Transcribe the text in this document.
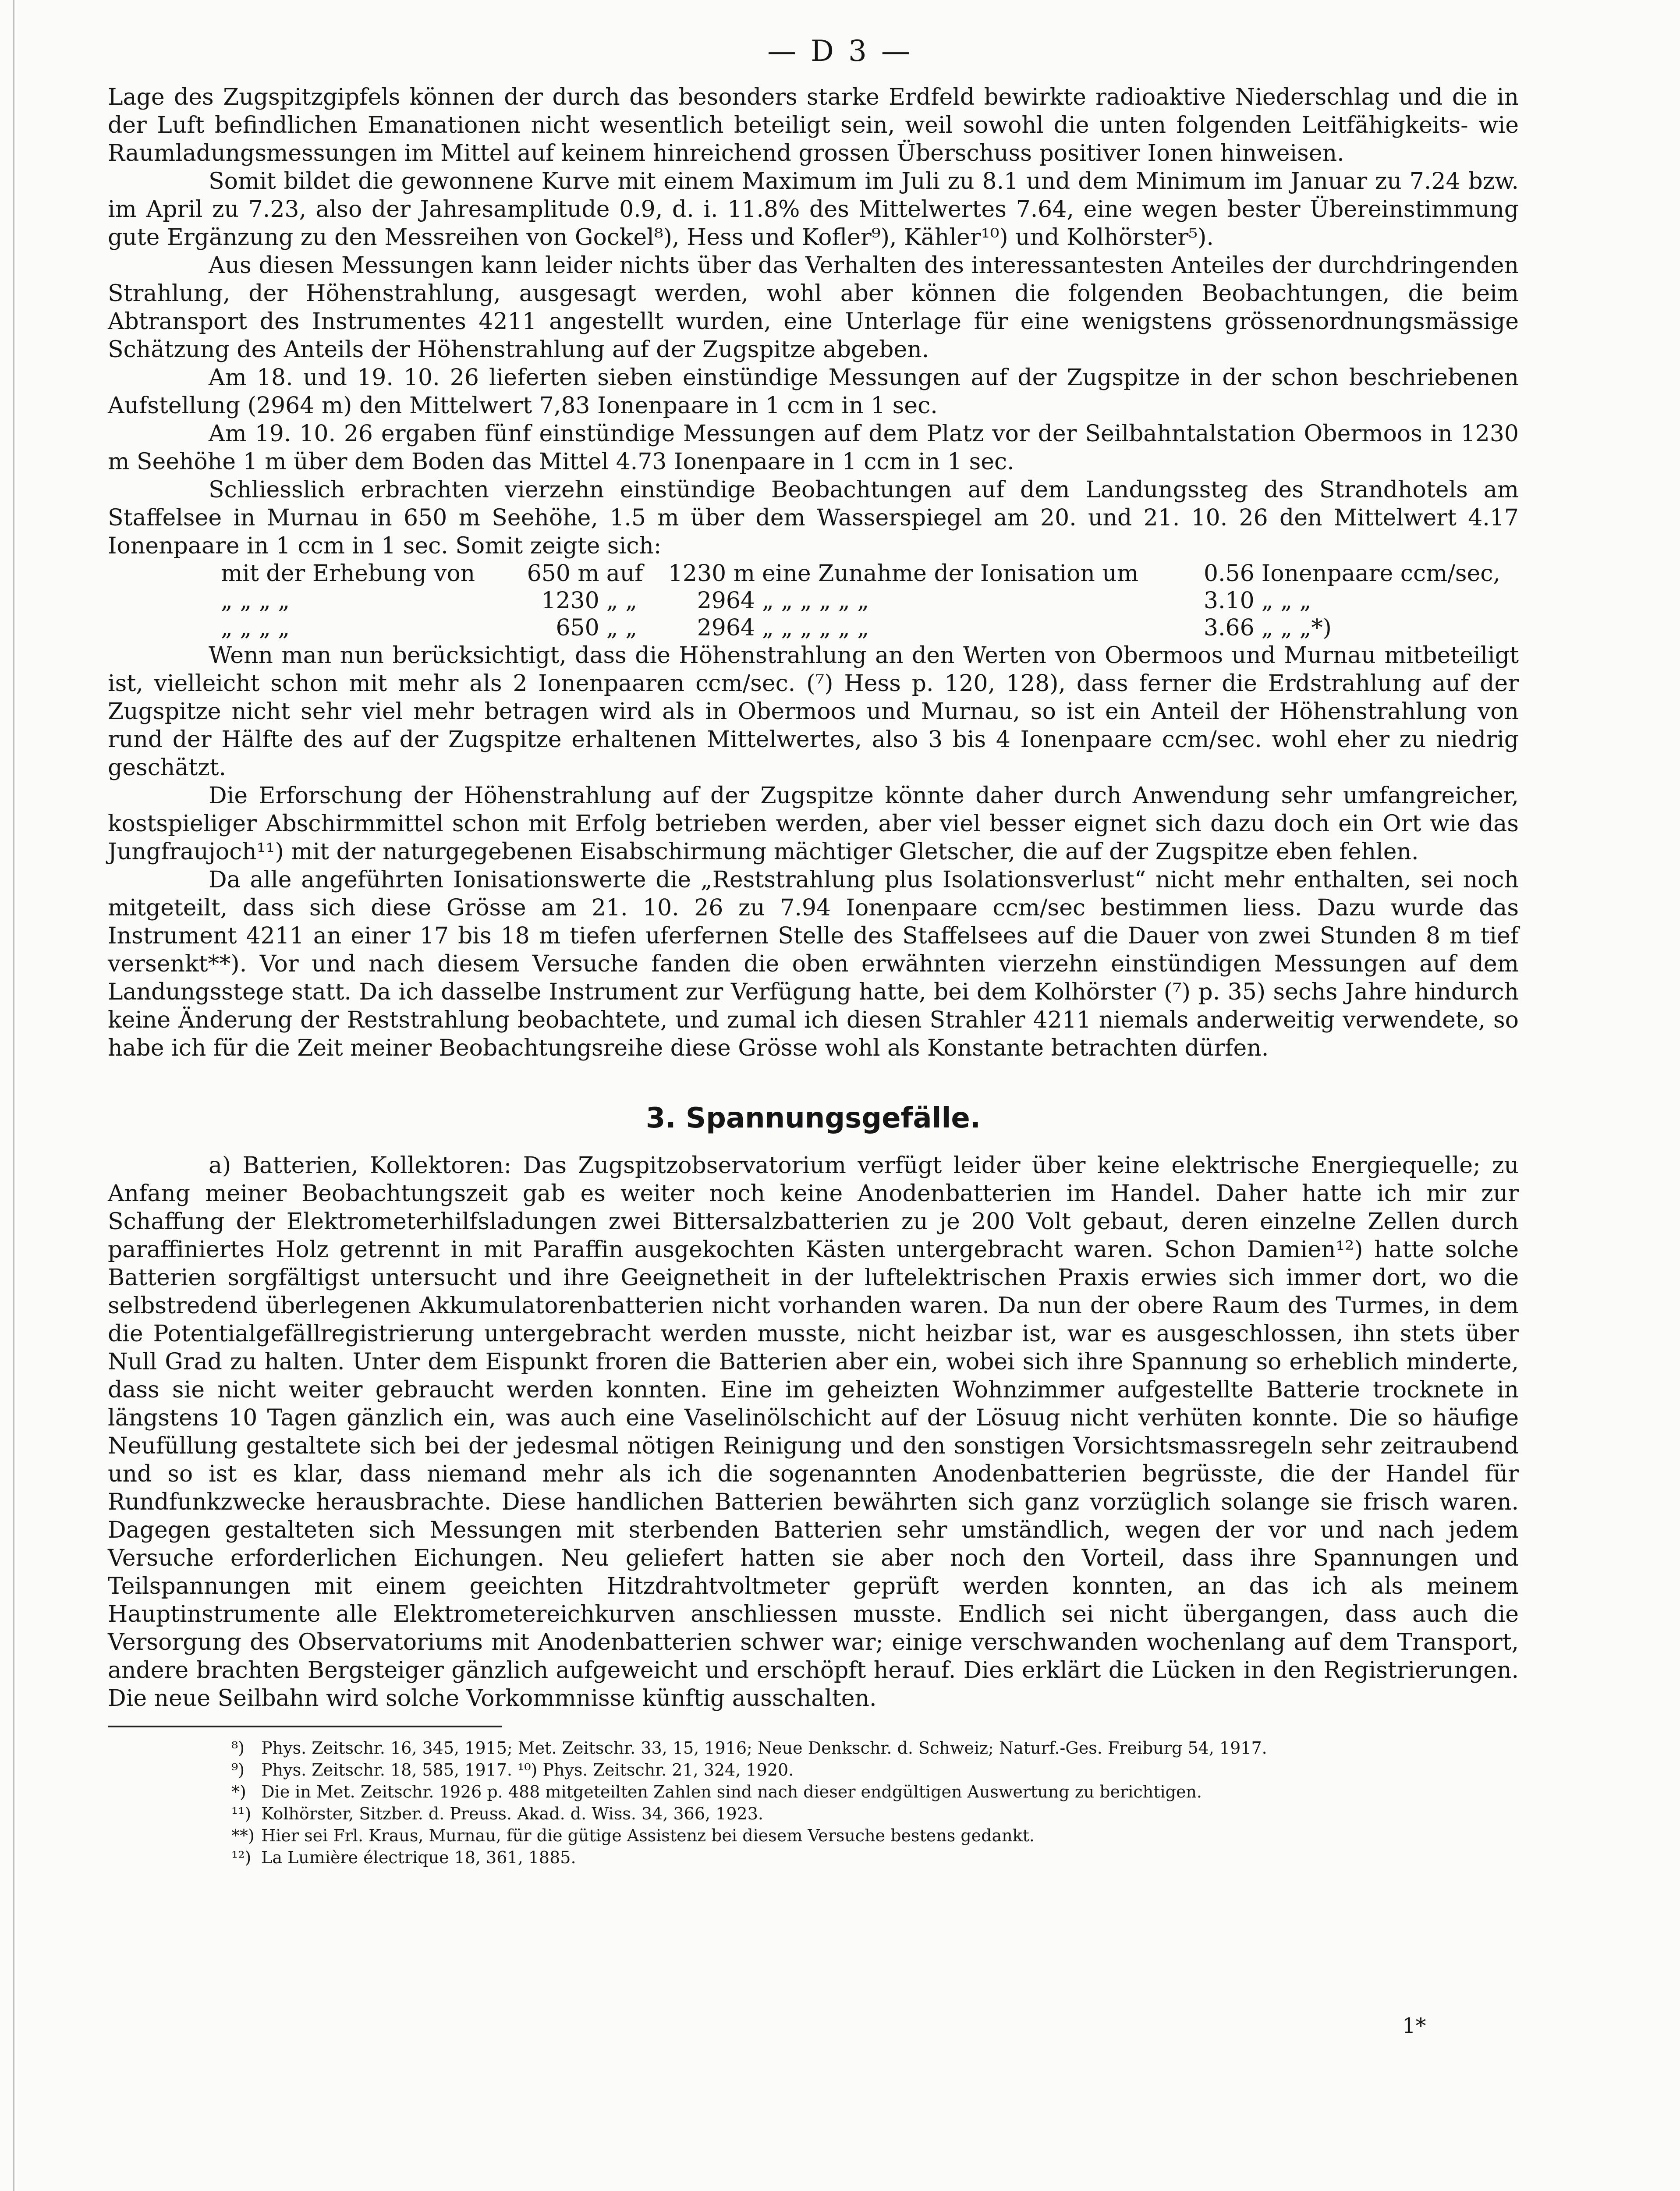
— D 3 —

Lage des Zugspitzgipfels können der durch das besonders starke Erdfeld bewirkte radioaktive Niederschlag und die in der Luft befindlichen Emanationen nicht wesentlich beteiligt sein, weil sowohl die unten folgenden Leitfähigkeits- wie Raumladungsmessungen im Mittel auf keinem hinreichend grossen Überschuss positiver Ionen hinweisen.

Somit bildet die gewonnene Kurve mit einem Maximum im Juli zu 8.1 und dem Minimum im Januar zu 7.24 bzw. im April zu 7.23, also der Jahresamplitude 0.9, d. i. 11.8% des Mittelwertes 7.64, eine wegen bester Übereinstimmung gute Ergänzung zu den Messreihen von Gockel⁸), Hess und Kofler⁹), Kähler¹⁰) und Kolhörster⁵).

Aus diesen Messungen kann leider nichts über das Verhalten des interessantesten Anteiles der durchdringenden Strahlung, der Höhenstrahlung, ausgesagt werden, wohl aber können die folgenden Beobachtungen, die beim Abtransport des Instrumentes 4211 angestellt wurden, eine Unterlage für eine wenigstens grössenordnungsmässige Schätzung des Anteils der Höhenstrahlung auf der Zugspitze abgeben.

Am 18. und 19. 10. 26 lieferten sieben einstündige Messungen auf der Zugspitze in der schon beschriebenen Aufstellung (2964 m) den Mittelwert 7,83 Ionenpaare in 1 ccm in 1 sec.

Am 19. 10. 26 ergaben fünf einstündige Messungen auf dem Platz vor der Seilbahntalstation Obermoos in 1230 m Seehöhe 1 m über dem Boden das Mittel 4.73 Ionenpaare in 1 ccm in 1 sec.

Schliesslich erbrachten vierzehn einstündige Beobachtungen auf dem Landungssteg des Strandhotels am Staffelsee in Murnau in 650 m Seehöhe, 1.5 m über dem Wasserspiegel am 20. und 21. 10. 26 den Mittelwert 4.17 Ionenpaare in 1 ccm in 1 sec. Somit zeigte sich:

mit der Erhebung von	650 m	auf	1230 m	eine Zunahme der Ionisation um	0.56	Ionenpaare ccm/sec,
„ „ „ „	1230	„ „	2964	„ „ „ „ „ „	3.10	„ „ „
„ „ „ „	650	„ „	2964	„ „ „ „ „ „	3.66	„ „ „*)

Wenn man nun berücksichtigt, dass die Höhenstrahlung an den Werten von Obermoos und Murnau mitbeteiligt ist, vielleicht schon mit mehr als 2 Ionenpaaren ccm/sec. (⁷) Hess p. 120, 128), dass ferner die Erdstrahlung auf der Zugspitze nicht sehr viel mehr betragen wird als in Obermoos und Murnau, so ist ein Anteil der Höhenstrahlung von rund der Hälfte des auf der Zugspitze erhaltenen Mittelwertes, also 3 bis 4 Ionenpaare ccm/sec. wohl eher zu niedrig geschätzt.

Die Erforschung der Höhenstrahlung auf der Zugspitze könnte daher durch Anwendung sehr umfangreicher, kostspieliger Abschirmmittel schon mit Erfolg betrieben werden, aber viel besser eignet sich dazu doch ein Ort wie das Jungfraujoch¹¹) mit der naturgegebenen Eisabschirmung mächtiger Gletscher, die auf der Zugspitze eben fehlen.

Da alle angeführten Ionisationswerte die „Reststrahlung plus Isolationsverlust“ nicht mehr enthalten, sei noch mitgeteilt, dass sich diese Grösse am 21. 10. 26 zu 7.94 Ionenpaare ccm/sec bestimmen liess. Dazu wurde das Instrument 4211 an einer 17 bis 18 m tiefen uferfernen Stelle des Staffelsees auf die Dauer von zwei Stunden 8 m tief versenkt**). Vor und nach diesem Versuche fanden die oben erwähnten vierzehn einstündigen Messungen auf dem Landungsstege statt. Da ich dasselbe Instrument zur Verfügung hatte, bei dem Kolhörster (⁷) p. 35) sechs Jahre hindurch keine Änderung der Reststrahlung beobachtete, und zumal ich diesen Strahler 4211 niemals anderweitig verwendete, so habe ich für die Zeit meiner Beobachtungsreihe diese Grösse wohl als Konstante betrachten dürfen.

3. Spannungsgefälle.

a) Batterien, Kollektoren: Das Zugspitzobservatorium verfügt leider über keine elektrische Energiequelle; zu Anfang meiner Beobachtungszeit gab es weiter noch keine Anodenbatterien im Handel. Daher hatte ich mir zur Schaffung der Elektrometerhilfsladungen zwei Bittersalzbatterien zu je 200 Volt gebaut, deren einzelne Zellen durch paraffiniertes Holz getrennt in mit Paraffin ausgekochten Kästen untergebracht waren. Schon Damien¹²) hatte solche Batterien sorgfältigst untersucht und ihre Geeignetheit in der luftelektrischen Praxis erwies sich immer dort, wo die selbstredend überlegenen Akkumulatorenbatterien nicht vorhanden waren. Da nun der obere Raum des Turmes, in dem die Potentialgefällregistrierung untergebracht werden musste, nicht heizbar ist, war es ausgeschlossen, ihn stets über Null Grad zu halten. Unter dem Eispunkt froren die Batterien aber ein, wobei sich ihre Spannung so erheblich minderte, dass sie nicht weiter gebraucht werden konnten. Eine im geheizten Wohnzimmer aufgestellte Batterie trocknete in längstens 10 Tagen gänzlich ein, was auch eine Vaselinölschicht auf der Lösuug nicht verhüten konnte. Die so häufige Neufüllung gestaltete sich bei der jedesmal nötigen Reinigung und den sonstigen Vorsichtsmassregeln sehr zeitraubend und so ist es klar, dass niemand mehr als ich die sogenannten Anodenbatterien begrüsste, die der Handel für Rundfunkzwecke herausbrachte. Diese handlichen Batterien bewährten sich ganz vorzüglich solange sie frisch waren. Dagegen gestalteten sich Messungen mit sterbenden Batterien sehr umständlich, wegen der vor und nach jedem Versuche erforderlichen Eichungen. Neu geliefert hatten sie aber noch den Vorteil, dass ihre Spannungen und Teilspannungen mit einem geeichten Hitzdrahtvoltmeter geprüft werden konnten, an das ich als meinem Hauptinstrumente alle Elektrometereichkurven anschliessen musste. Endlich sei nicht übergangen, dass auch die Versorgung des Observatoriums mit Anodenbatterien schwer war; einige verschwanden wochenlang auf dem Transport, andere brachten Bergsteiger gänzlich aufgeweicht und erschöpft herauf. Dies erklärt die Lücken in den Registrierungen. Die neue Seilbahn wird solche Vorkommnisse künftig ausschalten.

⁸) Phys. Zeitschr. 16, 345, 1915; Met. Zeitschr. 33, 15, 1916; Neue Denkschr. d. Schweiz; Naturf.-Ges. Freiburg 54, 1917.
⁹) Phys. Zeitschr. 18, 585, 1917. ¹⁰) Phys. Zeitschr. 21, 324, 1920.
*) Die in Met. Zeitschr. 1926 p. 488 mitgeteilten Zahlen sind nach dieser endgültigen Auswertung zu berichtigen.
¹¹) Kolhörster, Sitzber. d. Preuss. Akad. d. Wiss. 34, 366, 1923.
**) Hier sei Frl. Kraus, Murnau, für die gütige Assistenz bei diesem Versuche bestens gedankt.
¹²) La Lumière électrique 18, 361, 1885.
1*
